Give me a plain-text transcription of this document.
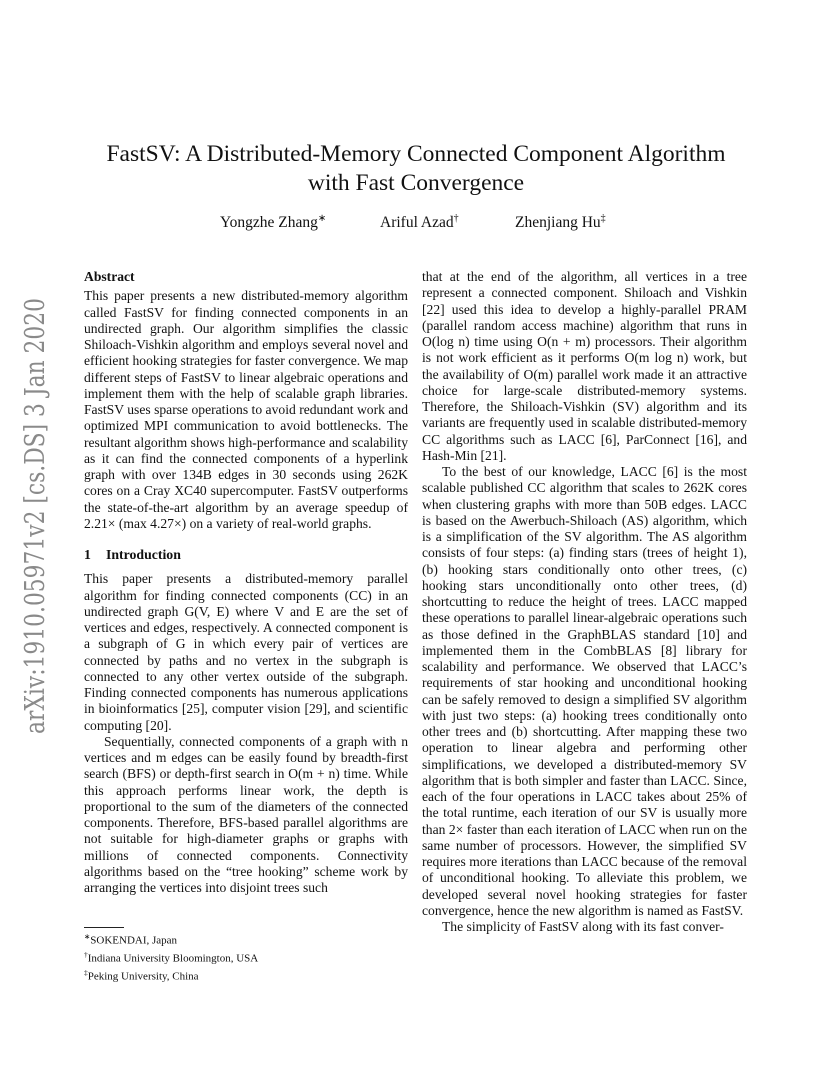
arXiv:1910.05971v2 [cs.DS] 3 Jan 2020
FastSV: A Distributed-Memory Connected Component Algorithm
with Fast Convergence
Yongzhe Zhang∗	Ariful Azad†	Zhenjiang Hu‡

Abstract

This paper presents a new distributed-memory algorithm called FastSV for finding connected components in an undirected graph. Our algorithm simplifies the classic Shiloach-Vishkin algorithm and employs several novel and efficient hooking strategies for faster convergence. We map different steps of FastSV to linear algebraic operations and implement them with the help of scalable graph libraries. FastSV uses sparse operations to avoid redundant work and optimized MPI communication to avoid bottlenecks. The resultant algorithm shows high-performance and scalability as it can find the connected components of a hyperlink graph with over 134B edges in 30 seconds using 262K cores on a Cray XC40 supercomputer. FastSV outperforms the state-of-the-art algorithm by an average speedup of 2.21× (max 4.27×) on a variety of real-world graphs.

1 Introduction

This paper presents a distributed-memory parallel algorithm for finding connected components (CC) in an undirected graph G(V, E) where V and E are the set of vertices and edges, respectively. A connected component is a subgraph of G in which every pair of vertices are connected by paths and no vertex in the subgraph is connected to any other vertex outside of the subgraph. Finding connected components has numerous applications in bioinformatics [25], computer vision [29], and scientific computing [20].

Sequentially, connected components of a graph with n vertices and m edges can be easily found by breadth-first search (BFS) or depth-first search in O(m + n) time. While this approach performs linear work, the depth is proportional to the sum of the diameters of the connected components. Therefore, BFS-based parallel algorithms are not suitable for high-diameter graphs or graphs with millions of connected components. Connectivity algorithms based on the “tree hooking” scheme work by arranging the vertices into disjoint trees such

that at the end of the algorithm, all vertices in a tree represent a connected component. Shiloach and Vishkin [22] used this idea to develop a highly-parallel PRAM (parallel random access machine) algorithm that runs in O(log n) time using O(n + m) processors. Their algorithm is not work efficient as it performs O(m log n) work, but the availability of O(m) parallel work made it an attractive choice for large-scale distributed-memory systems. Therefore, the Shiloach-Vishkin (SV) algorithm and its variants are frequently used in scalable distributed-memory CC algorithms such as LACC [6], ParConnect [16], and Hash-Min [21].

To the best of our knowledge, LACC [6] is the most scalable published CC algorithm that scales to 262K cores when clustering graphs with more than 50B edges. LACC is based on the Awerbuch-Shiloach (AS) algorithm, which is a simplification of the SV algorithm. The AS algorithm consists of four steps: (a) finding stars (trees of height 1), (b) hooking stars conditionally onto other trees, (c) hooking stars unconditionally onto other trees, (d) shortcutting to reduce the height of trees. LACC mapped these operations to parallel linear-algebraic operations such as those defined in the GraphBLAS standard [10] and implemented them in the CombBLAS [8] library for scalability and performance. We observed that LACC’s requirements of star hooking and unconditional hooking can be safely removed to design a simplified SV algorithm with just two steps: (a) hooking trees conditionally onto other trees and (b) shortcutting. After mapping these two operation to linear algebra and performing other simplifications, we developed a distributed-memory SV algorithm that is both simpler and faster than LACC. Since, each of the four operations in LACC takes about 25% of the total runtime, each iteration of our SV is usually more than 2× faster than each iteration of LACC when run on the same number of processors. However, the simplified SV requires more iterations than LACC because of the removal of unconditional hooking. To alleviate this problem, we developed several novel hooking strategies for faster convergence, hence the new algorithm is named as FastSV.

The simplicity of FastSV along with its fast conver-

∗SOKENDAI, Japan
†Indiana University Bloomington, USA
‡Peking University, China
